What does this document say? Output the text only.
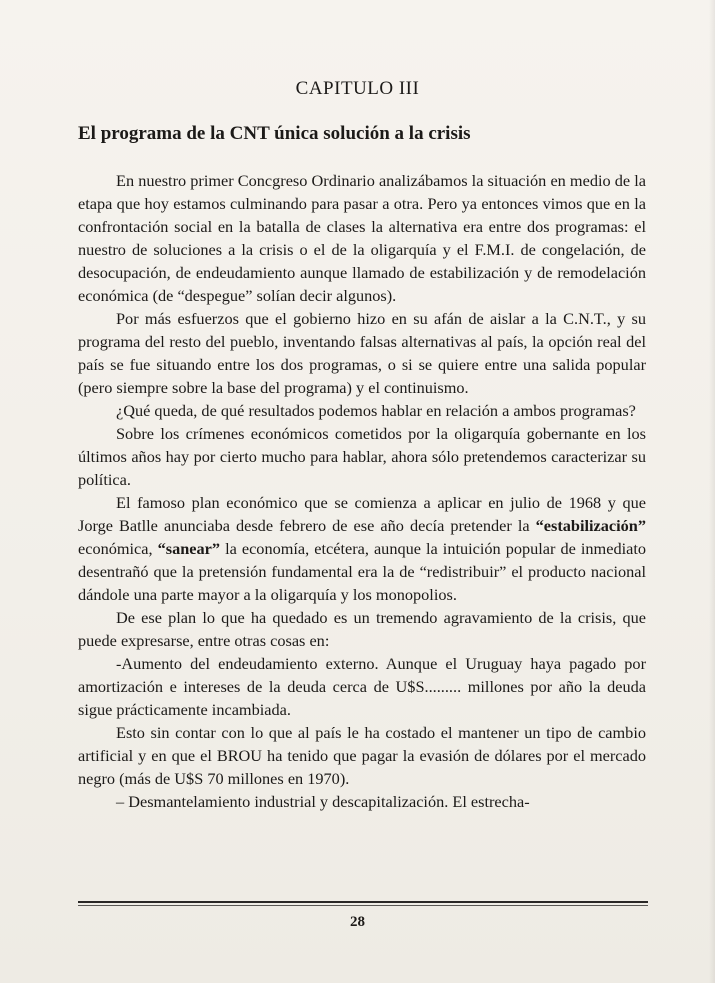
CAPITULO III
El programa de la CNT única solución a la crisis

En nuestro primer Concgreso Ordinario analizábamos la situación en medio de la etapa que hoy estamos culminando para pasar a otra. Pero ya entonces vimos que en la confrontación social en la batalla de clases la alternativa era entre dos programas: el nuestro de soluciones a la crisis o el de la oligarquía y el F.M.I. de congelación, de desocupación, de endeudamiento aunque llamado de estabilización y de remodelación económica (de “despegue” solían decir algunos).

Por más esfuerzos que el gobierno hizo en su afán de aislar a la C.N.T., y su programa del resto del pueblo, inventando falsas alternativas al país, la opción real del país se fue situando entre los dos programas, o si se quiere entre una salida popular (pero siempre sobre la base del programa) y el continuismo.

¿Qué queda, de qué resultados podemos hablar en relación a ambos programas?

Sobre los crímenes económicos cometidos por la oligarquía gobernante en los últimos años hay por cierto mucho para hablar, ahora sólo pretendemos caracterizar su política.

El famoso plan económico que se comienza a aplicar en julio de 1968 y que Jorge Batlle anunciaba desde febrero de ese año decía pretender la “estabilización” económica, “sanear” la economía, etcétera, aunque la intuición popular de inmediato desentrañó que la pretensión fundamental era la de “redistribuir” el producto nacional dándole una parte mayor a la oligarquía y los monopolios.

De ese plan lo que ha quedado es un tremendo agravamiento de la crisis, que puede expresarse, entre otras cosas en:

-Aumento del endeudamiento externo. Aunque el Uruguay haya pagado por amortización e intereses de la deuda cerca de U$S......... millones por año la deuda sigue prácticamente incambiada.

Esto sin contar con lo que al país le ha costado el mantener un tipo de cambio artificial y en que el BROU ha tenido que pagar la evasión de dólares por el mercado negro (más de U$S 70 millones en 1970).

– Desmantelamiento industrial y descapitalización. El estrecha-

28
